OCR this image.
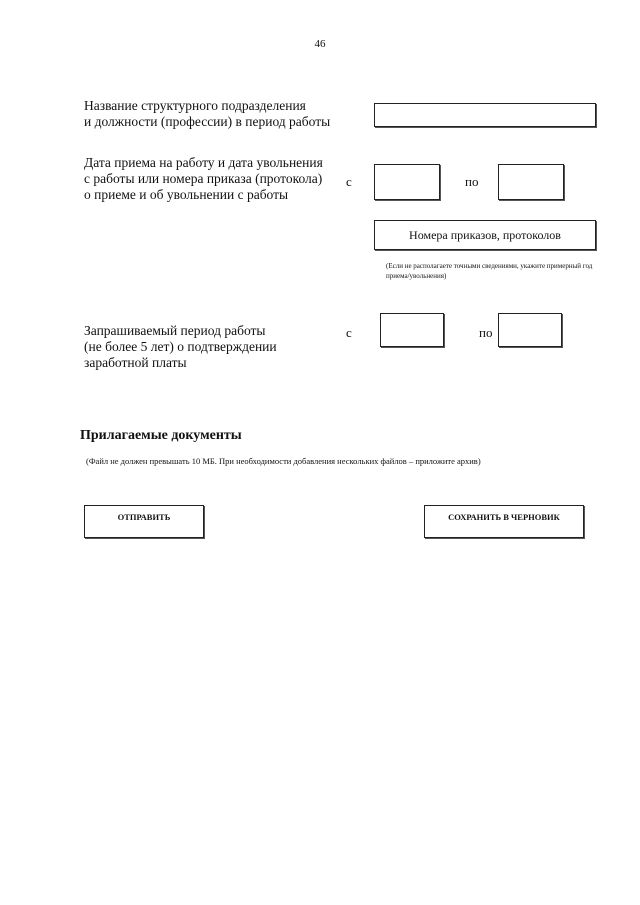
46
Название структурного подразделения
и должности (профессии) в период работы
Дата приема на работу и дата увольнения
с работы или номера приказа (протокола)
о приеме и об увольнении с работы
с	по
Номера приказов, протоколов
(Если не располагаете точными сведениями, укажите примерный год приема/увольнения)
Запрашиваемый период работы
(не более 5 лет) о подтверждении
заработной платы
с	по
Прилагаемые документы
(Файл не должен превышать 10 МБ. При необходимости добавления нескольких файлов – приложите архив)
ОТПРАВИТЬ	СОХРАНИТЬ В ЧЕРНОВИК
